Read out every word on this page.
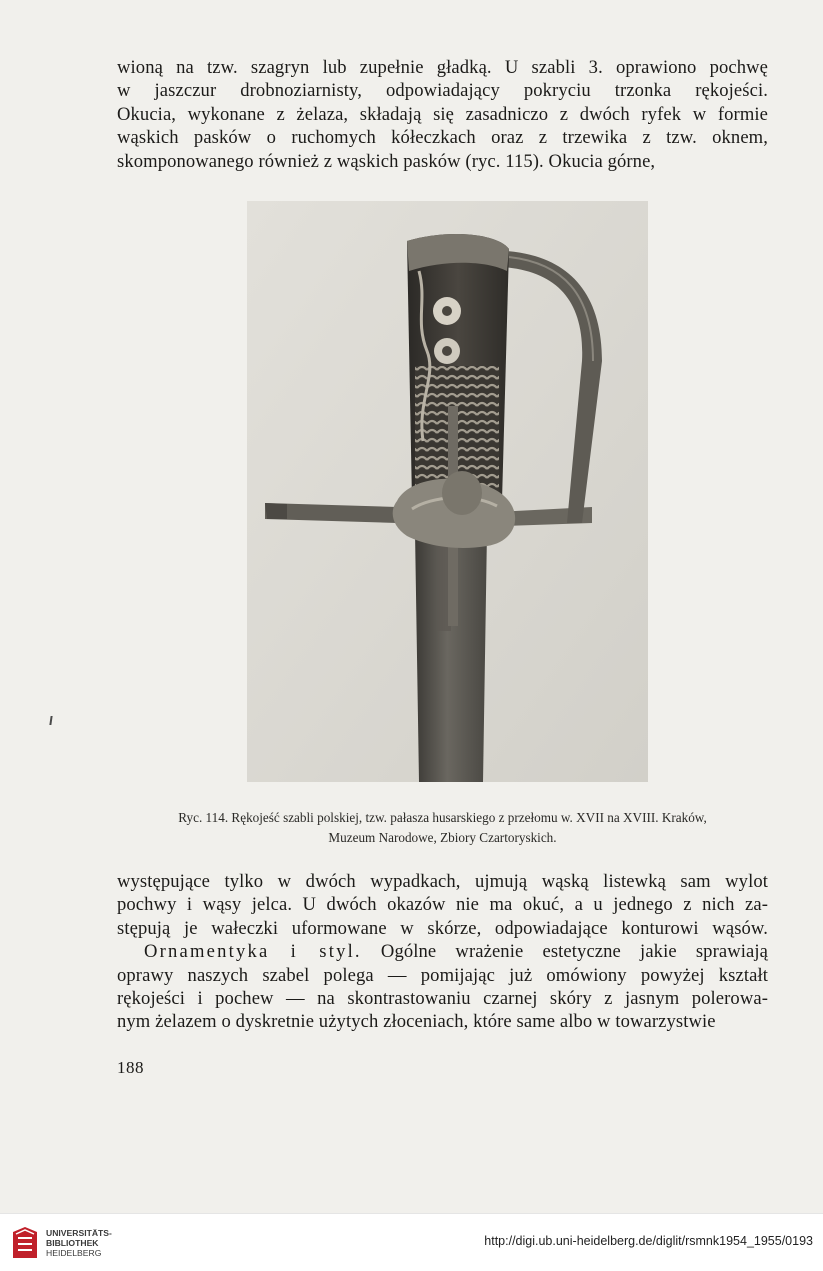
wioną na tzw. szagryn lub zupełnie gładką. U szabli 3. oprawiono pochwę
w jaszczur drobnoziarnisty, odpowiadający pokryciu trzonka rękojeści.
Okucia, wykonane z żelaza, składają się zasadniczo z dwóch ryfek w formie
wąskich pasków o ruchomych kółeczkach oraz z trzewika z tzw. oknem,
skomponowanego również z wąskich pasków (ryc. 115). Okucia górne,
Ryc. 114. Rękojeść szabli polskiej, tzw. pałasza husarskiego z przełomu w. XVII na XVIII. Kraków,
Muzeum Narodowe, Zbiory Czartoryskich.
występujące tylko w dwóch wypadkach, ujmują wąską listewką sam wylot
pochwy i wąsy jelca. U dwóch okazów nie ma okuć, a u jednego z nich za-
stępują je wałeczki uformowane w skórze, odpowiadające konturowi wąsów.
Ornamentyka i styl. Ogólne wrażenie estetyczne jakie sprawiają
oprawy naszych szabel polega — pomijając już omówiony powyżej kształt
rękojeści i pochew — na skontrastowaniu czarnej skóry z jasnym polerowa-
nym żelazem o dyskretnie użytych złoceniach, które same albo w towarzystwie
188
UNIVERSITÄTS-
BIBLIOTHEK
HEIDELBERG
http://digi.ub.uni-heidelberg.de/diglit/rsmnk1954_1955/0193
